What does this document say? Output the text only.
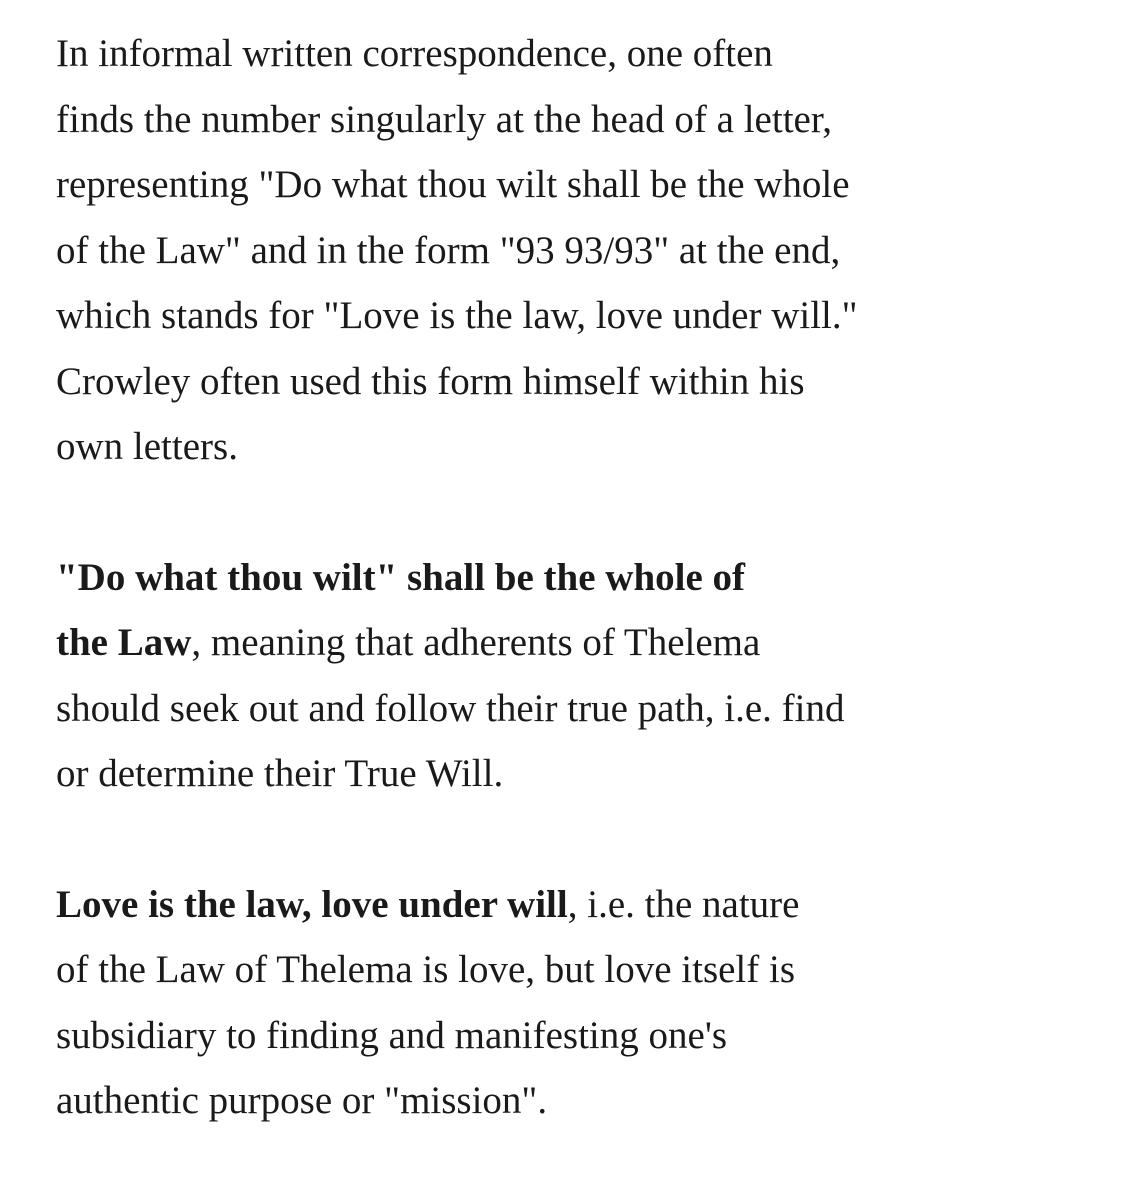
In informal written correspondence, one often
finds the number singularly at the head of a letter,
representing "Do what thou wilt shall be the whole
of the Law" and in the form "93 93/93" at the end,
which stands for "Love is the law, love under will."
Crowley often used this form himself within his
own letters.

"Do what thou wilt" shall be the whole of
the Law, meaning that adherents of Thelema
should seek out and follow their true path, i.e. find
or determine their True Will.

Love is the law, love under will, i.e. the nature
of the Law of Thelema is love, but love itself is
subsidiary to finding and manifesting one's
authentic purpose or "mission".
